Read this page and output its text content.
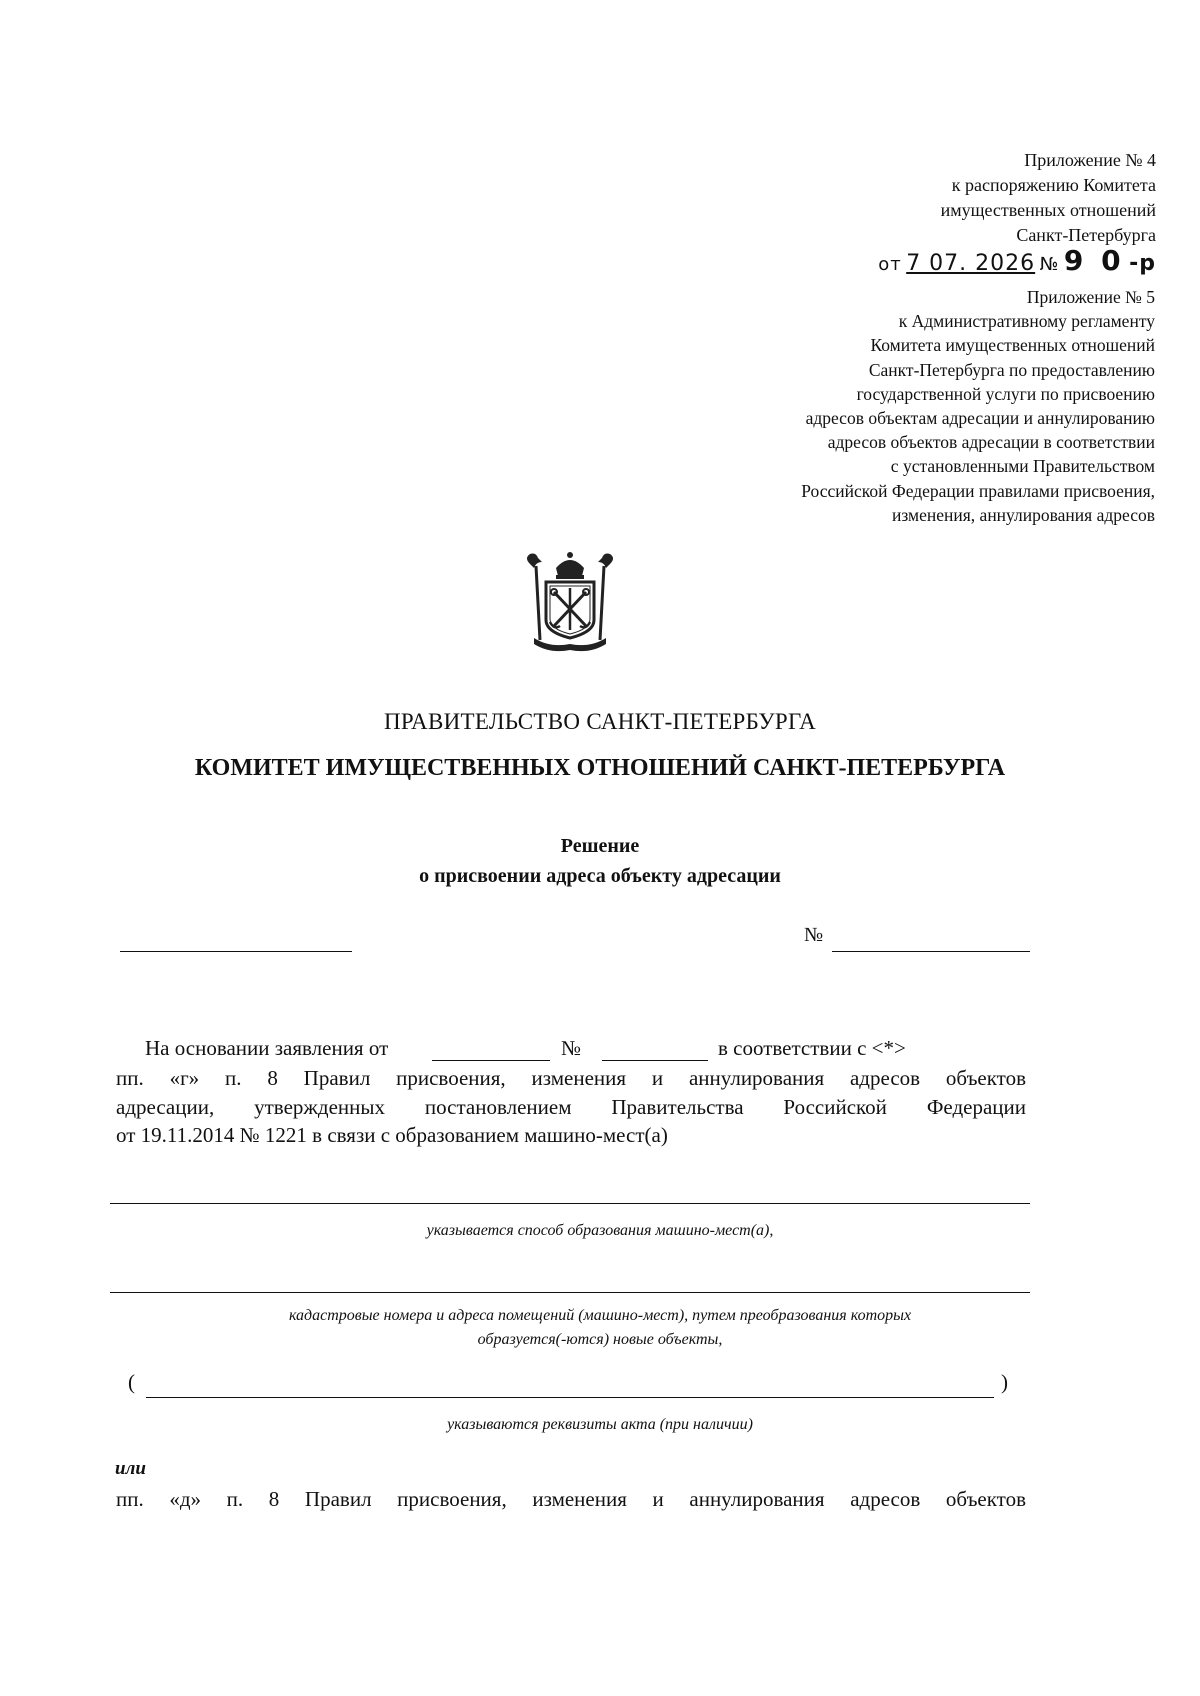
Приложение № 4
к распоряжению Комитета
имущественных отношений
Санкт-Петербурга
от 7 07. 2026 № 9 0 -р
Приложение № 5
к Административному регламенту
Комитета имущественных отношений
Санкт-Петербурга по предоставлению
государственной услуги по присвоению
адресов объектам адресации и аннулированию
адресов объектов адресации в соответствии
с установленными Правительством
Российской Федерации правилами присвоения,
изменения, аннулирования адресов
ПРАВИТЕЛЬСТВО САНКТ-ПЕТЕРБУРГА
КОМИТЕТ ИМУЩЕСТВЕННЫХ ОТНОШЕНИЙ САНКТ-ПЕТЕРБУРГА
Решение
о присвоении адреса объекту адресации
№
На основании заявления от	№	в соответствии с <*>
пп. «г» п. 8 Правил присвоения, изменения и аннулирования адресов объектов
адресации, утвержденных постановлением Правительства Российской Федерации
от 19.11.2014 № 1221 в связи с образованием машино-мест(а)
указывается способ образования машино-мест(а),
кадастровые номера и адреса помещений (машино-мест), путем преобразования которых
образуется(-ются) новые объекты,
(	)
указываются реквизиты акта (при наличии)
или
пп. «д» п. 8 Правил присвоения, изменения и аннулирования адресов объектов
